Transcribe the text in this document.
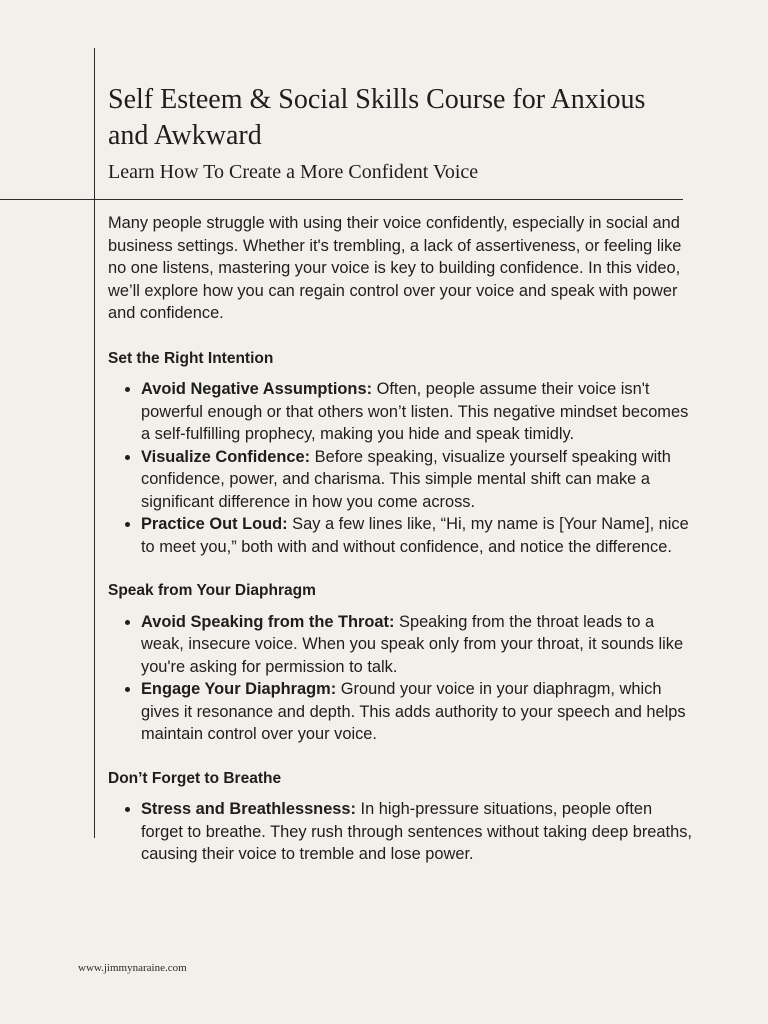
Self Esteem & Social Skills Course for Anxious and Awkward
Learn How To Create a More Confident Voice

Many people struggle with using their voice confidently, especially in social and business settings. Whether it's trembling, a lack of assertiveness, or feeling like no one listens, mastering your voice is key to building confidence. In this video, we’ll explore how you can regain control over your voice and speak with power and confidence.

Set the Right Intention
• Avoid Negative Assumptions: Often, people assume their voice isn't powerful enough or that others won’t listen. This negative mindset becomes a self-fulfilling prophecy, making you hide and speak timidly.
• Visualize Confidence: Before speaking, visualize yourself speaking with confidence, power, and charisma. This simple mental shift can make a significant difference in how you come across.
• Practice Out Loud: Say a few lines like, “Hi, my name is [Your Name], nice to meet you,” both with and without confidence, and notice the difference.
Speak from Your Diaphragm
• Avoid Speaking from the Throat: Speaking from the throat leads to a weak, insecure voice. When you speak only from your throat, it sounds like you're asking for permission to talk.
• Engage Your Diaphragm: Ground your voice in your diaphragm, which gives it resonance and depth. This adds authority to your speech and helps maintain control over your voice.
Don’t Forget to Breathe
• Stress and Breathlessness: In high-pressure situations, people often forget to breathe. They rush through sentences without taking deep breaths, causing their voice to tremble and lose power.
www.jimmynaraine.com
